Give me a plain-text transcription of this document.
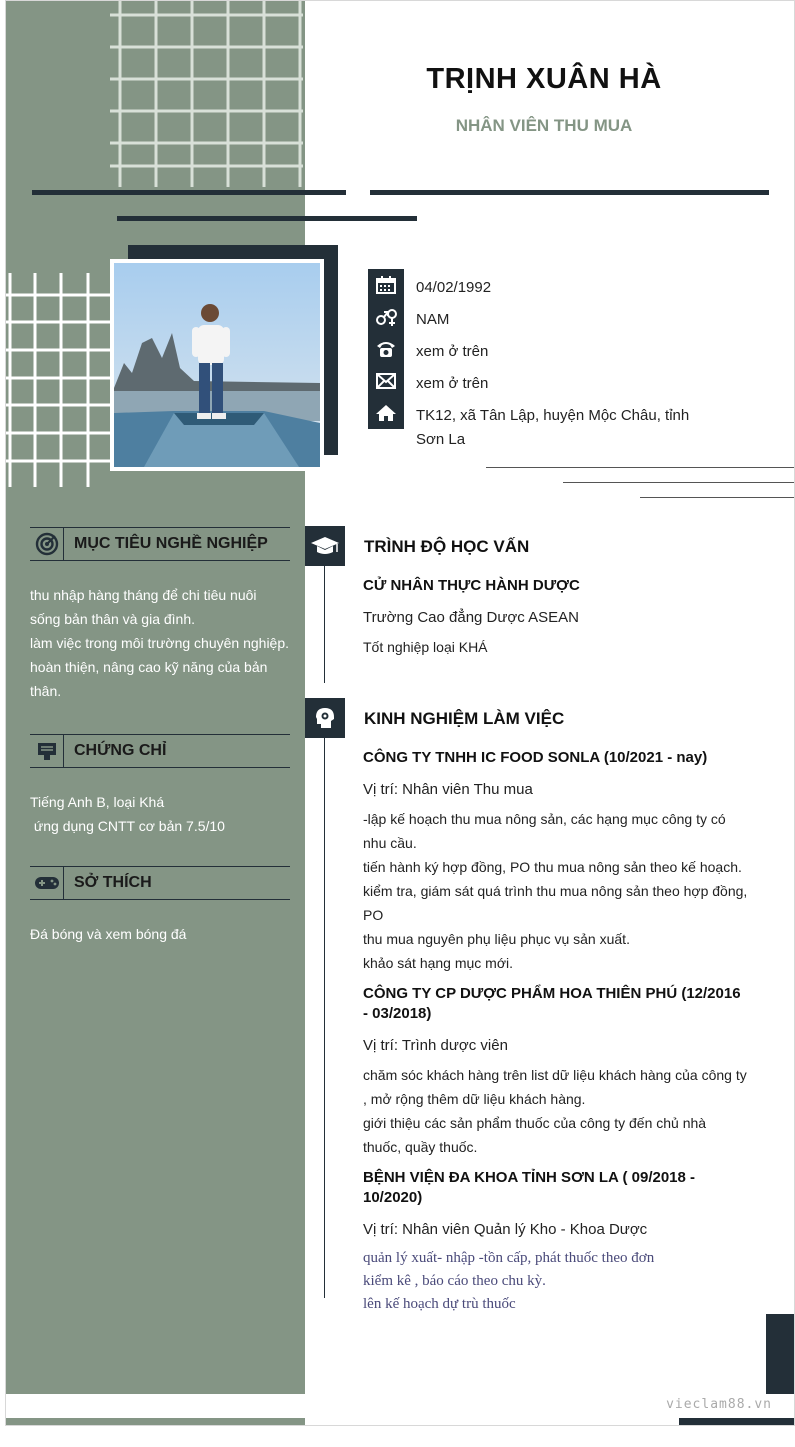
TRỊNH XUÂN HÀ
NHÂN VIÊN THU MUA
04/02/1992
NAM
xem ở trên
xem ở trên
TK12, xã Tân Lập, huyện Mộc Châu, tỉnh Sơn La
MỤC TIÊU NGHỀ NGHIỆP
thu nhập hàng tháng để chi tiêu nuôi sống bản thân và gia đình.
làm việc trong môi trường chuyên nghiệp. hoàn thiện, nâng cao kỹ năng của bản thân.
CHỨNG CHỈ
Tiếng Anh B, loại Khá
ứng dụng CNTT cơ bản 7.5/10
SỞ THÍCH
Đá bóng và xem bóng đá
TRÌNH ĐỘ HỌC VẤN
CỬ NHÂN THỰC HÀNH DƯỢC
Trường Cao đẳng Dược ASEAN
Tốt nghiệp loại KHÁ
KINH NGHIỆM LÀM VIỆC
CÔNG TY TNHH IC FOOD SONLA (10/2021 - nay)
Vị trí: Nhân viên Thu mua
-lập kế hoạch thu mua nông sản, các hạng mục công ty có nhu cầu.
tiến hành ký hợp đồng, PO thu mua nông sản theo kế hoạch.
kiểm tra, giám sát quá trình thu mua nông sản theo hợp đồng, PO
thu mua nguyên phụ liệu phục vụ sản xuất.
khảo sát hạng mục mới.
CÔNG TY CP DƯỢC PHẨM HOA THIÊN PHÚ (12/2016 - 03/2018)
Vị trí: Trình dược viên
chăm sóc khách hàng trên list dữ liệu khách hàng của công ty , mở rộng thêm dữ liệu khách hàng.
giới thiệu các sản phẩm thuốc của công ty đến chủ nhà thuốc, quầy thuốc.
BỆNH VIỆN ĐA KHOA TỈNH SƠN LA ( 09/2018 - 10/2020)
Vị trí: Nhân viên Quản lý Kho - Khoa Dược
quản lý xuất- nhập -tồn cấp, phát thuốc theo đơn
kiểm kê , báo cáo theo chu kỳ.
lên kế hoạch dự trù thuốc
vieclam88.vn
